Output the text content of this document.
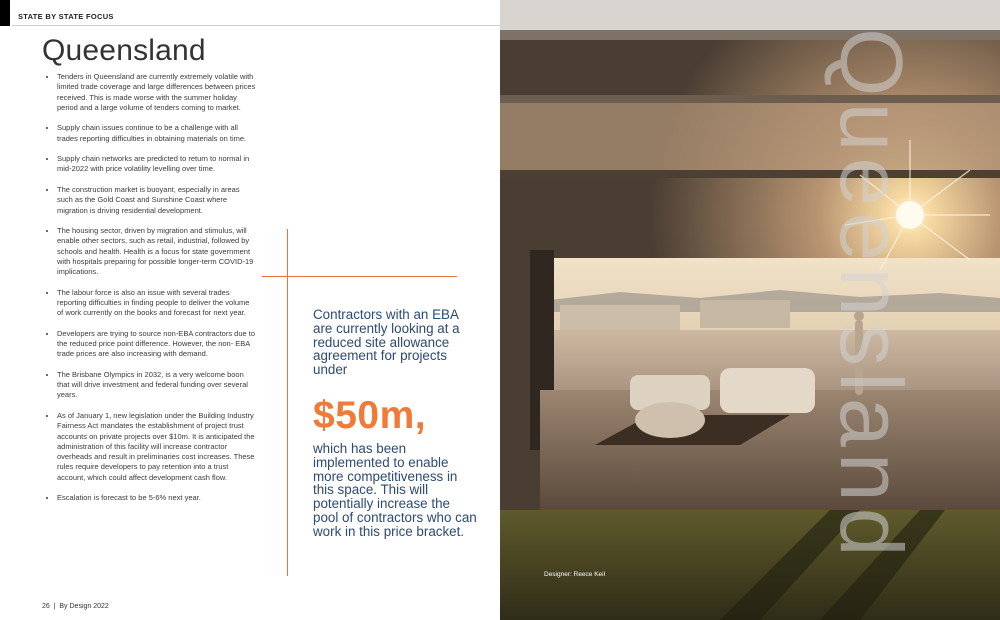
STATE BY STATE FOCUS
Queensland
• Tenders in Queensland are currently extremely volatile with limited trade coverage and large differences between prices received. This is made worse with the summer holiday period and a large volume of tenders coming to market.
• Supply chain issues continue to be a challenge with all trades reporting difficulties in obtaining materials on time.
• Supply chain networks are predicted to return to normal in mid-2022 with price volatility levelling over time.
• The construction market is buoyant, especially in areas such as the Gold Coast and Sunshine Coast where migration is driving residential development.
• The housing sector, driven by migration and stimulus, will enable other sectors, such as retail, industrial, followed by schools and health. Health is a focus for state government with hospitals preparing for possible longer-term COVID-19 implications.
• The labour force is also an issue with several trades reporting difficulties in finding people to deliver the volume of work currently on the books and forecast for next year.
• Developers are trying to source non-EBA contractors due to the reduced price point difference. However, the non- EBA trade prices are also increasing with demand.
• The Brisbane Olympics in 2032, is a very welcome boon that will drive investment and federal funding over several years.
• As of January 1, new legislation under the Building Industry Fairness Act mandates the establishment of project trust accounts on private projects over $10m. It is anticipated the administration of this facility will increase contractor overheads and result in preliminaries cost increases. These rules require developers to pay retention into a trust account, which could affect development cash flow.
• Escalation is forecast to be 5-6% next year.
Contractors with an EBA are currently looking at a reduced site allowance agreement for projects under
$50m,
which has been implemented to enable more competitiveness in this space. This will potentially increase the pool of contractors who can work in this price bracket.
26  |  By Design 2022
Queensland
Designer: Reece Keil
